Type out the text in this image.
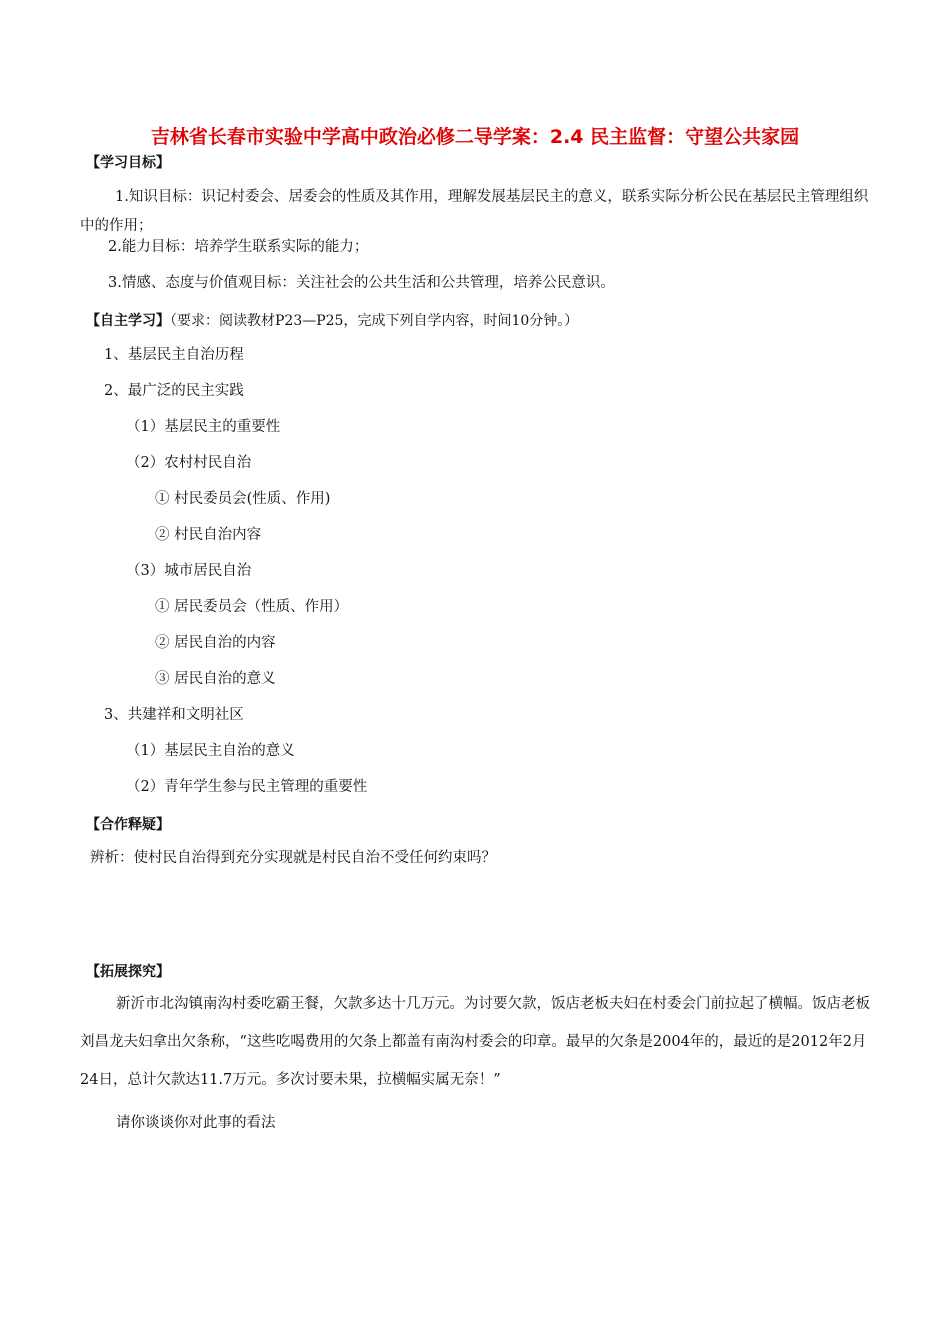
吉林省长春市实验中学高中政治必修二导学案：2.4 民主监督：守望公共家园
【学习目标】
1.知识目标：识记村委会、居委会的性质及其作用，理解发展基层民主的意义，联系实际分析公民在基层民主管理组织中的作用；
2.能力目标：培养学生联系实际的能力；
3.情感、态度与价值观目标：关注社会的公共生活和公共管理，培养公民意识。
【自主学习】（要求：阅读教材P23—P25，完成下列自学内容，时间10分钟。）
1、基层民主自治历程
2、最广泛的民主实践
（1）基层民主的重要性
（2）农村村民自治
① 村民委员会(性质、作用)
② 村民自治内容
（3）城市居民自治
① 居民委员会（性质、作用）
② 居民自治的内容
③ 居民自治的意义
3、共建祥和文明社区
（1）基层民主自治的意义
（2）青年学生参与民主管理的重要性
【合作释疑】
辨析：使村民自治得到充分实现就是村民自治不受任何约束吗？
【拓展探究】
新沂市北沟镇南沟村委吃霸王餐，欠款多达十几万元。为讨要欠款，饭店老板夫妇在村委会门前拉起了横幅。饭店老板刘昌龙夫妇拿出欠条称，“这些吃喝费用的欠条上都盖有南沟村委会的印章。最早的欠条是2004年的，最近的是2012年2月24日，总计欠款达11.7万元。多次讨要未果，拉横幅实属无奈！”
请你谈谈你对此事的看法
